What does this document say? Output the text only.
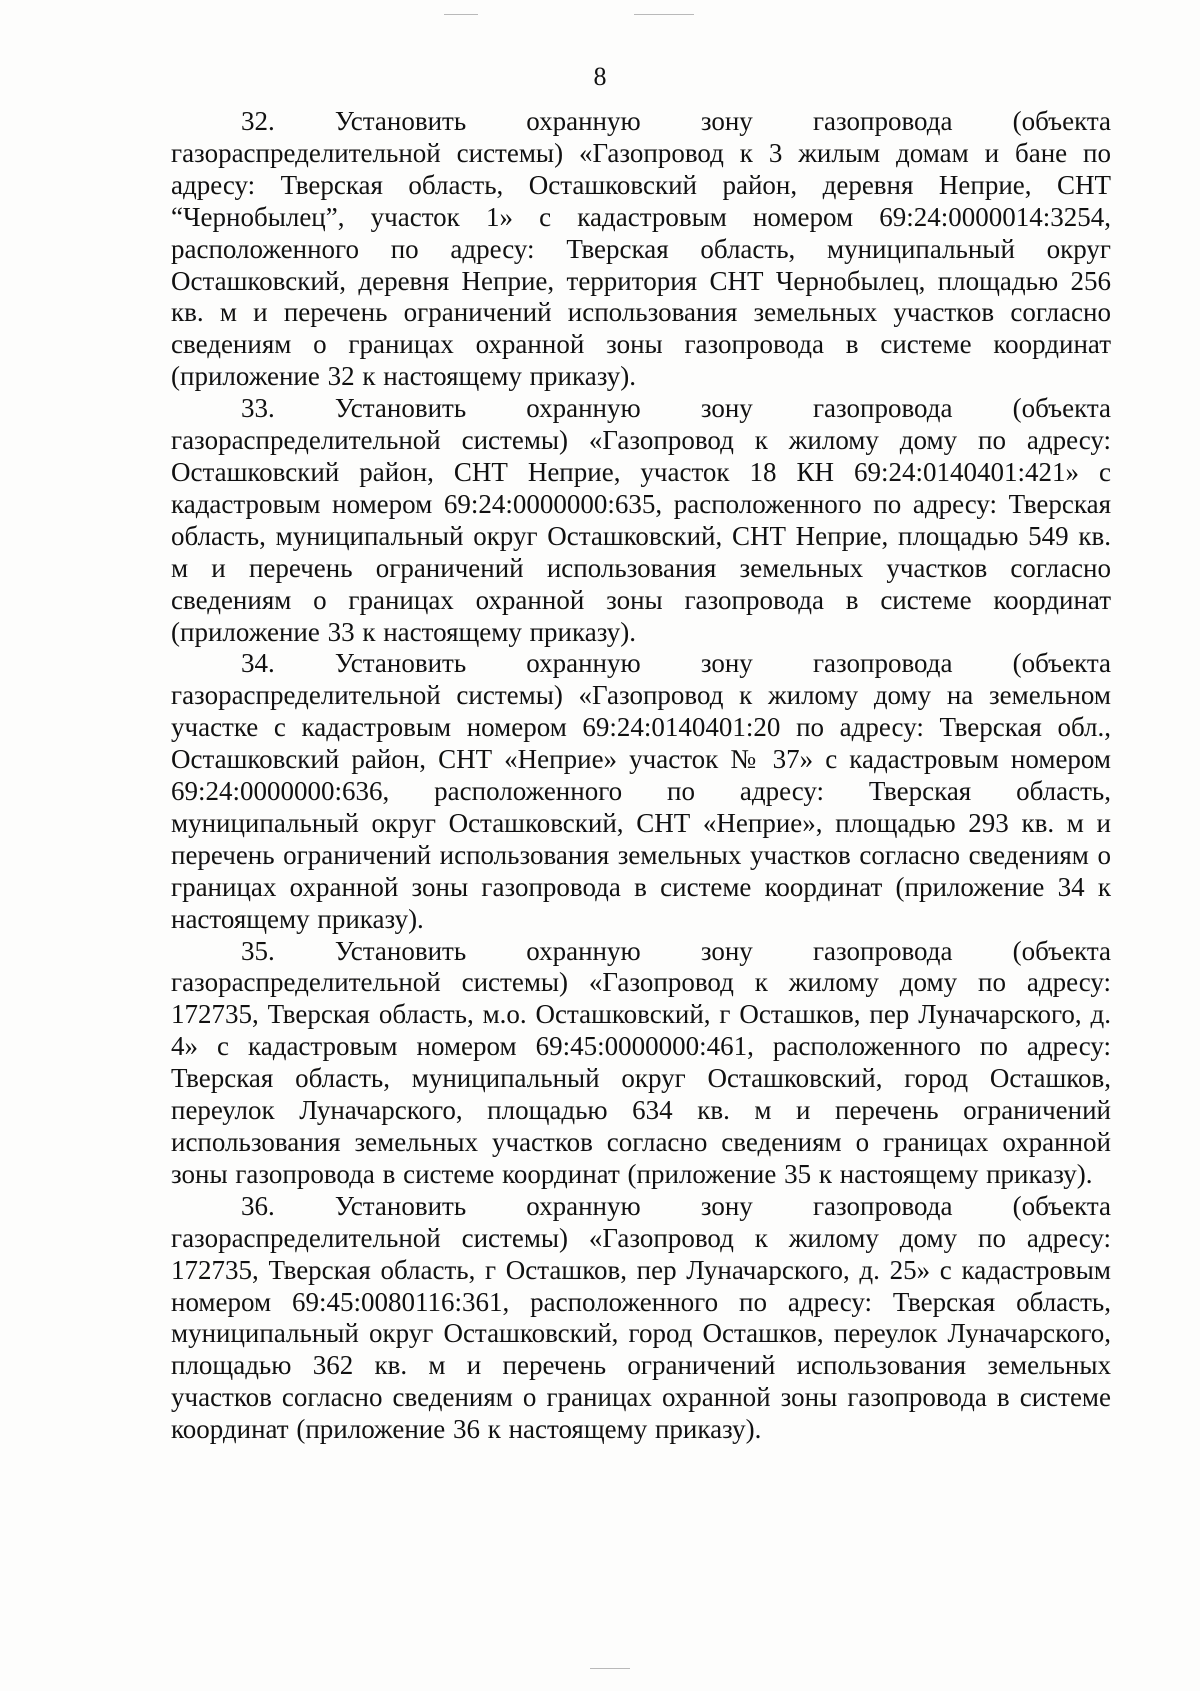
8

32. Установить охранную зону газопровода (объекта газораспределительной системы) «Газопровод к 3 жилым домам и бане по адресу: Тверская область, Осташковский район, деревня Неприе, СНТ “Чернобылец”, участок 1» с кадастровым номером 69:24:0000014:3254, расположенного по адресу: Тверская область, муниципальный округ Осташковский, деревня Неприе, территория СНТ Чернобылец, площадью 256 кв. м и перечень ограничений использования земельных участков согласно сведениям о границах охранной зоны газопровода в системе координат (приложение 32 к настоящему приказу).

33. Установить охранную зону газопровода (объекта газораспределительной системы) «Газопровод к жилому дому по адресу: Осташковский район, СНТ Неприе, участок 18 КН 69:24:0140401:421» с кадастровым номером 69:24:0000000:635, расположенного по адресу: Тверская область, муниципальный округ Осташковский, СНТ Неприе, площадью 549 кв. м и перечень ограничений использования земельных участков согласно сведениям о границах охранной зоны газопровода в системе координат (приложение 33 к настоящему приказу).

34. Установить охранную зону газопровода (объекта газораспределительной системы) «Газопровод к жилому дому на земельном участке с кадастровым номером 69:24:0140401:20 по адресу: Тверская обл., Осташковский район, СНТ «Неприе» участок № 37» с кадастровым номером 69:24:0000000:636, расположенного по адресу: Тверская область, муниципальный округ Осташковский, СНТ «Неприе», площадью 293 кв. м и перечень ограничений использования земельных участков согласно сведениям о границах охранной зоны газопровода в системе координат (приложение 34 к настоящему приказу).

35. Установить охранную зону газопровода (объекта газораспределительной системы) «Газопровод к жилому дому по адресу: 172735, Тверская область, м.о. Осташковский, г Осташков, пер Луначарского, д. 4» с кадастровым номером 69:45:0000000:461, расположенного по адресу: Тверская область, муниципальный округ Осташковский, город Осташков, переулок Луначарского, площадью 634 кв. м и перечень ограничений использования земельных участков согласно сведениям о границах охранной зоны газопровода в системе координат (приложение 35 к настоящему приказу).

36. Установить охранную зону газопровода (объекта газораспределительной системы) «Газопровод к жилому дому по адресу: 172735, Тверская область, г Осташков, пер Луначарского, д. 25» с кадастровым номером 69:45:0080116:361, расположенного по адресу: Тверская область, муниципальный округ Осташковский, город Осташков, переулок Луначарского, площадью 362 кв. м и перечень ограничений использования земельных участков согласно сведениям о границах охранной зоны газопровода в системе координат (приложение 36 к настоящему приказу).
